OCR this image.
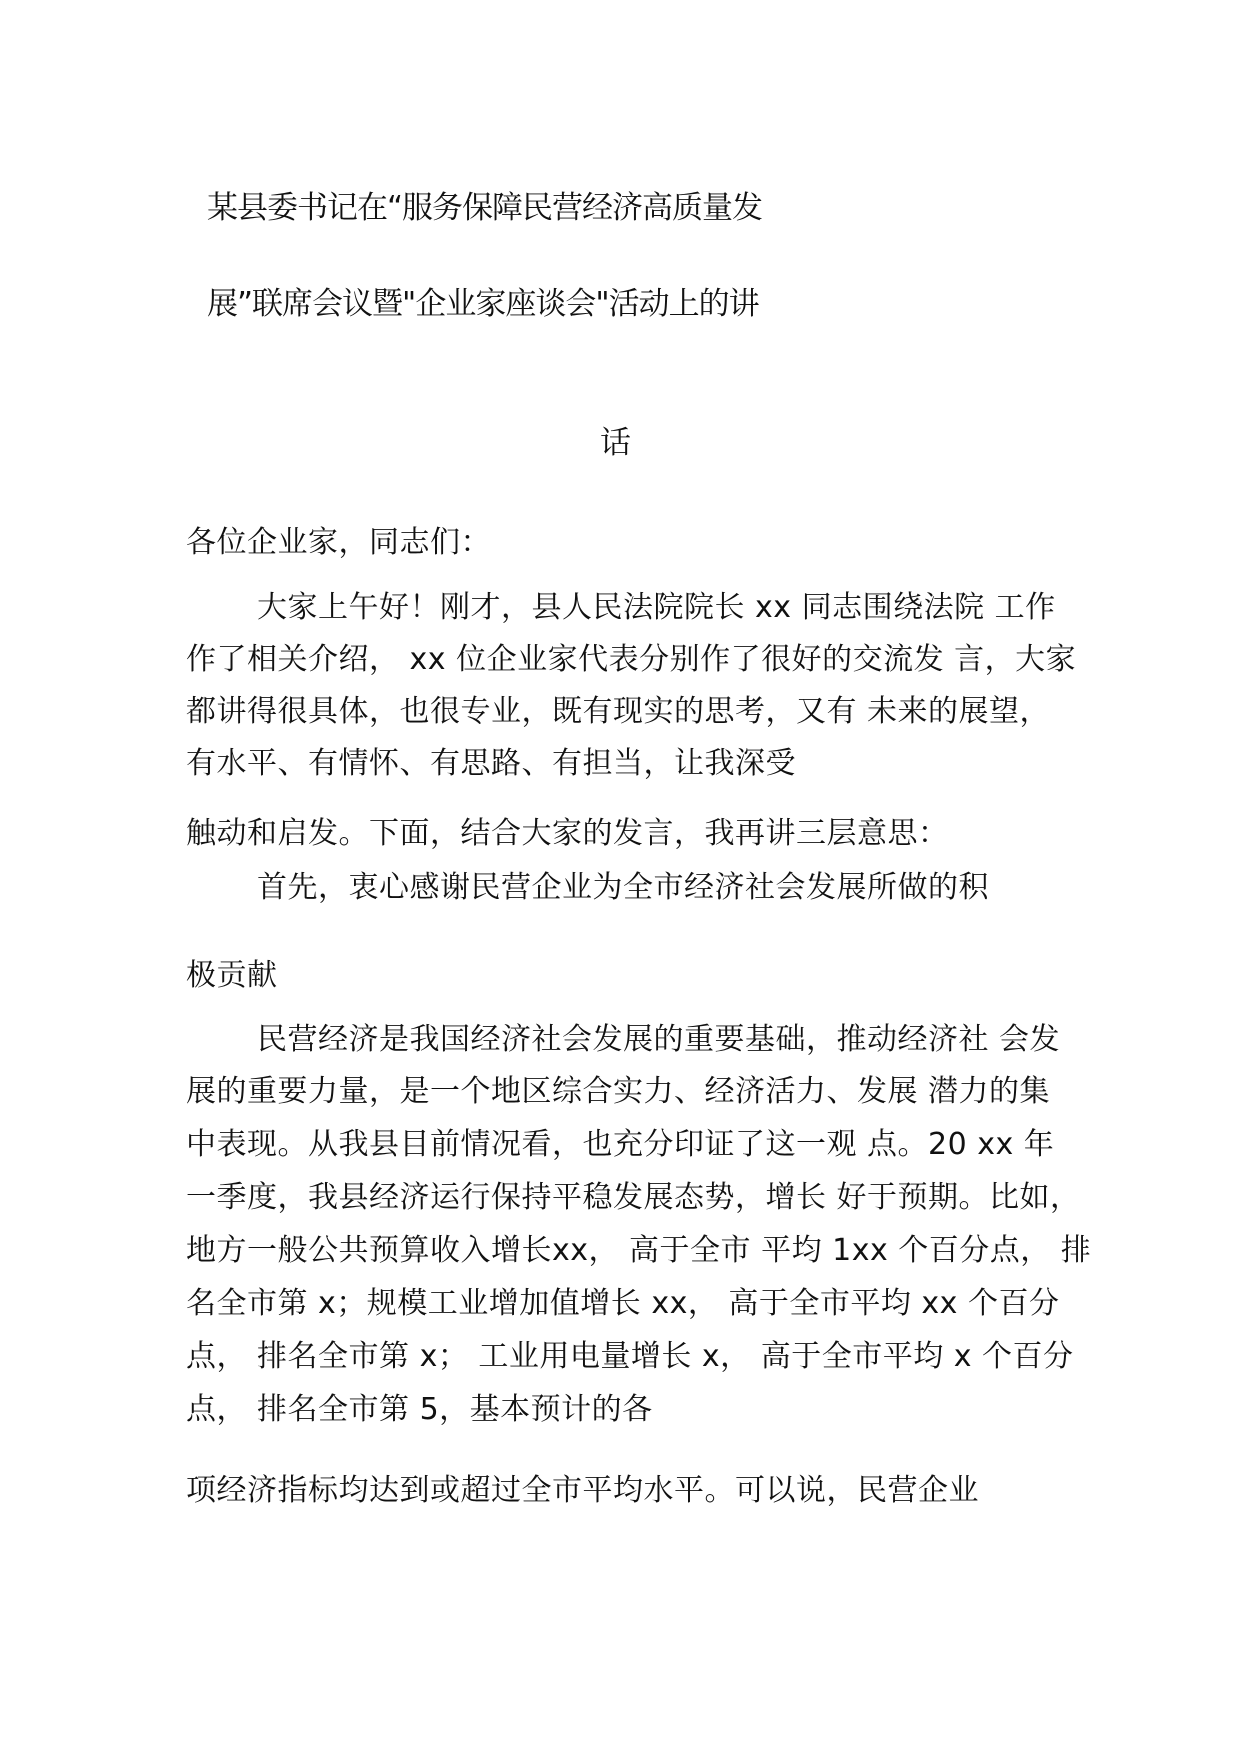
某县委书记在“服务保障民营经济高质量发
展”联席会议暨"企业家座谈会"活动上的讲
话
各位企业家，同志们：
大家上午好！刚才，县人民法院院长 xx 同志围绕法院 工作
作了相关介绍， xx 位企业家代表分别作了很好的交流发 言，大家
都讲得很具体，也很专业，既有现实的思考，又有 未来的展望，
有水平、有情怀、有思路、有担当，让我深受
触动和启发。下面，结合大家的发言，我再讲三层意思：
首先，衷心感谢民营企业为全市经济社会发展所做的积
极贡献
民营经济是我国经济社会发展的重要基础，推动经济社 会发
展的重要力量，是一个地区综合实力、经济活力、发展 潜力的集
中表现。从我县目前情况看，也充分印证了这一观 点。20 xx 年
一季度，我县经济运行保持平稳发展态势，增长 好于预期。比如，
地方一般公共预算收入增长xx， 高于全市 平均 1xx 个百分点， 排
名全市第 x；规模工业增加值增长 xx， 高于全市平均 xx 个百分
点， 排名全市第 x； 工业用电量增长 x， 高于全市平均 x 个百分
点， 排名全市第 5，基本预计的各
项经济指标均达到或超过全市平均水平。可以说，民营企业
